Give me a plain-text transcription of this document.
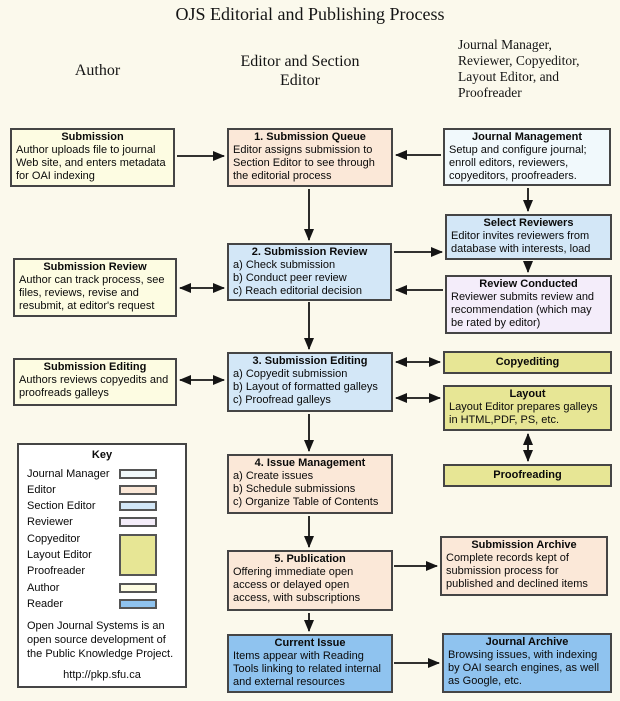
OJS Editorial and Publishing Process
Author
Editor and Section Editor
Journal Manager, Reviewer, Copyeditor, Layout Editor, and Proofreader
Submission
Author uploads file to journal Web site, and enters metadata for OAI indexing
1. Submission Queue
Editor assigns submission to Section Editor to see through the editorial process
Journal Management
Setup and configure journal; enroll editors, reviewers, copyeditors, proofreaders.
Select Reviewers
Editor invites reviewers from database with interests, load
Submission Review
Author can track process, see files, reviews, revise and resubmit, at editor's request
2. Submission Review
a) Check submission
b) Conduct peer review
c) Reach editorial decision
Review Conducted
Reviewer submits review and recommendation (which may be rated by editor)
Submission Editing
Authors reviews copyedits and proofreads galleys
3. Submission Editing
a) Copyedit submission
b) Layout of formatted galleys
c) Proofread galleys
Copyediting
Layout
Layout Editor prepares galleys in HTML,PDF, PS, etc.
Proofreading
4. Issue Management
a) Create issues
b) Schedule submissions
c) Organize Table of Contents
5. Publication
Offering immediate open access or delayed open access, with subscriptions
Submission Archive
Complete records kept of submission process for published and declined items
Current Issue
Items appear with Reading Tools linking to related internal and external resources
Journal Archive
Browsing issues, with indexing by OAI search engines, as well as Google, etc.
Key
Journal Manager
Editor
Section Editor
Reviewer
Copyeditor
Layout Editor
Proofreader
Author
Reader
Open Journal Systems is an open source development of the Public Knowledge Project.
http://pkp.sfu.ca
